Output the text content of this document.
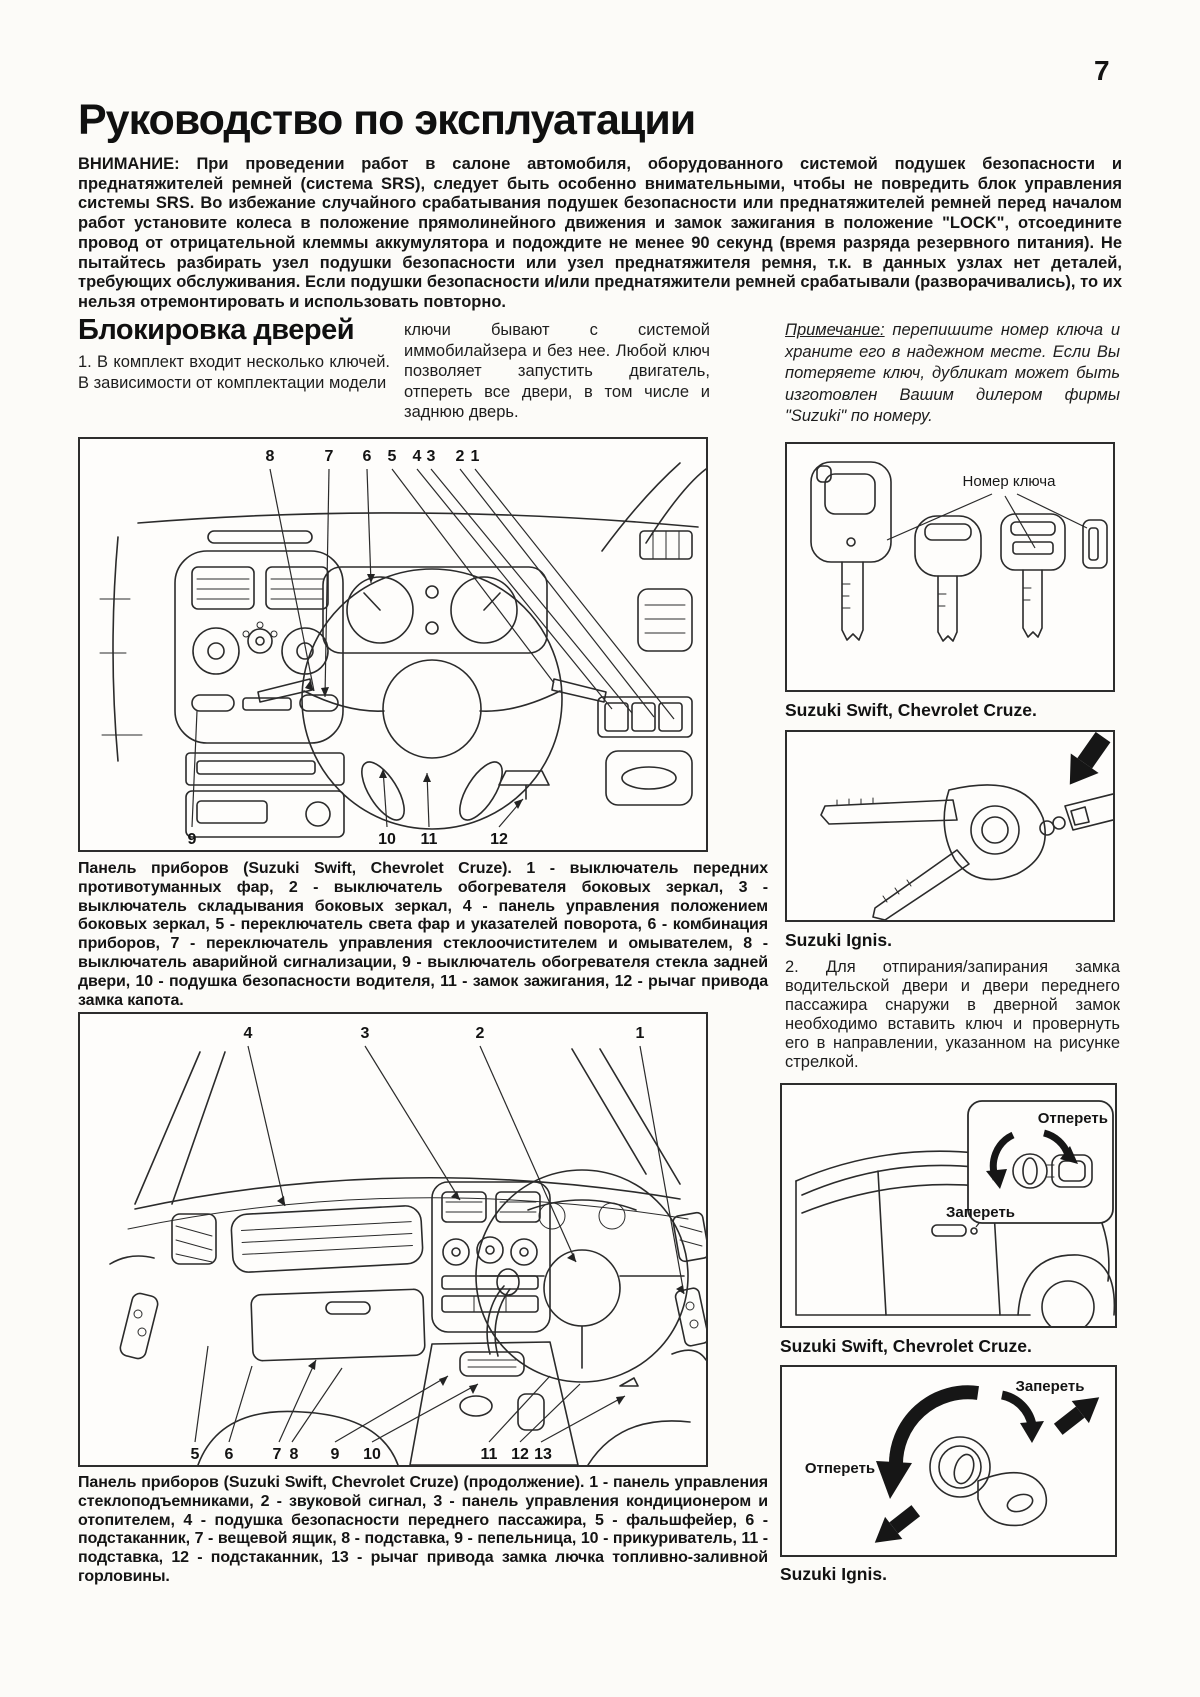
7
Руководство по эксплуатации
ВНИМАНИЕ: При проведении работ в салоне автомобиля, оборудованного системой подушек безопасности и преднатяжителей ремней (система SRS), следует быть особенно внимательными, чтобы не повредить блок управления системы SRS. Во избежание случайного срабатывания подушек безопасности или преднатяжителей ремней перед началом работ установите колеса в положение прямолинейного движения и замок зажигания в положение "LOCK", отсоедините провод от отрицательной клеммы аккумулятора и подождите не менее 90 секунд (время разряда резервного питания). Не пытайтесь разбирать узел подушки безопасности или узел преднатяжителя ремня, т.к. в данных узлах нет деталей, требующих обслуживания. Если подушки безопасности и/или преднатяжители ремней срабатывали (разворачивались), то их нельзя отремонтировать и использовать повторно.
Блокировка дверей
1. В комплект входит несколько ключей. В зависимости от комплектации модели
ключи бывают с системой иммобилайзера и без нее. Любой ключ позволяет запустить двигатель, отпереть все двери, в том числе и заднюю дверь.
Примечание: перепишите номер ключа и храните его в надежном месте. Если Вы потеряете ключ, дубликат может быть изготовлен Вашим дилером фирмы "Suzuki" по номеру.
8	7 6 5 4 3 2 1
9	10 11	12
Панель приборов (Suzuki Swift, Chevrolet Cruze). 1 - выключатель передних противотуманных фар, 2 - выключатель обогревателя боковых зеркал, 3 - выключатель складывания боковых зеркал, 4 - панель управления положением боковых зеркал, 5 - переключатель света фар и указателей поворота, 6 - комбинация приборов, 7 - переключатель управления стеклоочистителем и омывателем, 8 - выключатель аварийной сигнализации, 9 - выключатель обогревателя стекла задней двери, 10 - подушка безопасности водителя, 11 - замок зажигания, 12 - рычаг привода замка капота.
4	3	2	1
5 6 7 8 9 10	11 12 13
Панель приборов (Suzuki Swift, Chevrolet Cruze) (продолжение). 1 - панель управления стеклоподъемниками, 2 - звуковой сигнал, 3 - панель управления кондиционером и отопителем, 4 - подушка безопасности переднего пассажира, 5 - фальшфейер, 6 - подстаканник, 7 - вещевой ящик, 8 - подставка, 9 - пепельница, 10 - прикуриватель, 11 - подставка, 12 - подстаканник, 13 - рычаг привода замка лючка топливно-заливной горловины.
Номер ключа
Suzuki Swift, Chevrolet Cruze.
Suzuki Ignis.
2. Для отпирания/запирания замка водительской двери и двери переднего пассажира снаружи в дверной замок необходимо вставить ключ и провернуть его в направлении, указанном на рисунке стрелкой.
Отпереть
Запереть
Suzuki Swift, Chevrolet Cruze.
Запереть
Отпереть
Suzuki Ignis.
